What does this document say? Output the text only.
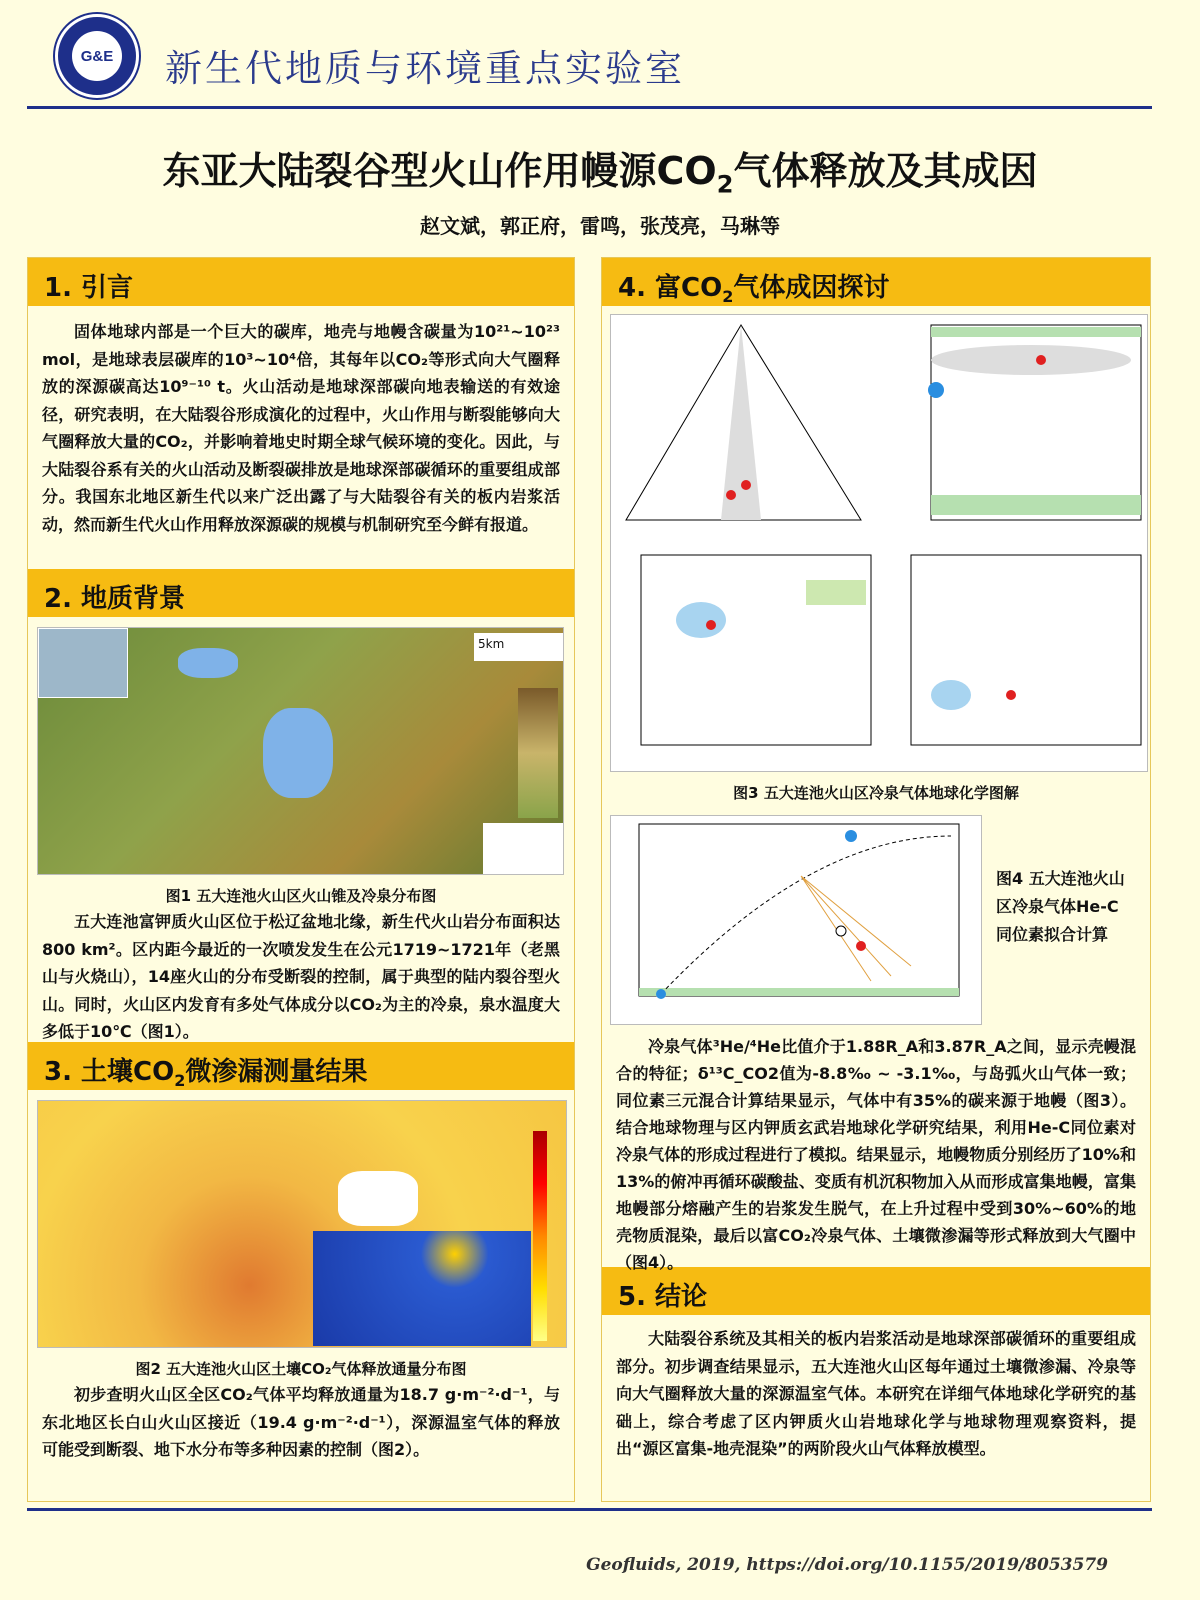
G&E 新生代地质与环境重点实验室
东亚大陆裂谷型火山作用幔源$CO_2$气体释放及其成因
赵文斌，郭正府，雷鸣，张茂亮，马琳等
1. 引言
固体地球内部是一个巨大的碳库，地壳与地幔含碳量为10²¹~10²³ mol，是地球表层碳库的10³~10⁴倍，其每年以CO₂等形式向大气圈释放的深源碳高达10⁹⁻¹⁰ t。火山活动是地球深部碳向地表输送的有效途径，研究表明，在大陆裂谷形成演化的过程中，火山作用与断裂能够向大气圈释放大量的CO₂，并影响着地史时期全球气候环境的变化。因此，与大陆裂谷系有关的火山活动及断裂碳排放是地球深部碳循环的重要组成部分。我国东北地区新生代以来广泛出露了与大陆裂谷有关的板内岩浆活动，然而新生代火山作用释放深源碳的规模与机制研究至今鲜有报道。
2. 地质背景
5km
图1 五大连池火山区火山锥及冷泉分布图
五大连池富钾质火山区位于松辽盆地北缘，新生代火山岩分布面积达800 km²。区内距今最近的一次喷发发生在公元1719~1721年（老黑山与火烧山），14座火山的分布受断裂的控制，属于典型的陆内裂谷型火山。同时，火山区内发育有多处气体成分以CO₂为主的冷泉，泉水温度大多低于10℃（图1）。
3. 土壤$CO_2$微渗漏测量结果
图2 五大连池火山区土壤CO₂气体释放通量分布图
初步查明火山区全区CO₂气体平均释放通量为18.7 g·m⁻²·d⁻¹，与东北地区长白山火山区接近（19.4 g·m⁻²·d⁻¹），深源温室气体的释放可能受到断裂、地下水分布等多种因素的控制（图2）。
4. 富$CO_2$气体成因探讨
图3 五大连池火山区冷泉气体地球化学图解
图4 五大连池火山区冷泉气体He-C同位素拟合计算
冷泉气体³He/⁴He比值介于1.88R_A和3.87R_A之间，显示壳幔混合的特征；δ¹³C_CO2值为-8.8‰ ~ -3.1‰，与岛弧火山气体一致；同位素三元混合计算结果显示，气体中有35%的碳来源于地幔（图3）。结合地球物理与区内钾质玄武岩地球化学研究结果，利用He-C同位素对冷泉气体的形成过程进行了模拟。结果显示，地幔物质分别经历了10%和13%的俯冲再循环碳酸盐、变质有机沉积物加入从而形成富集地幔，富集地幔部分熔融产生的岩浆发生脱气，在上升过程中受到30%~60%的地壳物质混染，最后以富CO₂冷泉气体、土壤微渗漏等形式释放到大气圈中（图4）。
5. 结论
大陆裂谷系统及其相关的板内岩浆活动是地球深部碳循环的重要组成部分。初步调查结果显示，五大连池火山区每年通过土壤微渗漏、冷泉等向大气圈释放大量的深源温室气体。本研究在详细气体地球化学研究的基础上，综合考虑了区内钾质火山岩地球化学与地球物理观察资料，提出“源区富集-地壳混染”的两阶段火山气体释放模型。
Geofluids, 2019, https://doi.org/10.1155/2019/8053579
